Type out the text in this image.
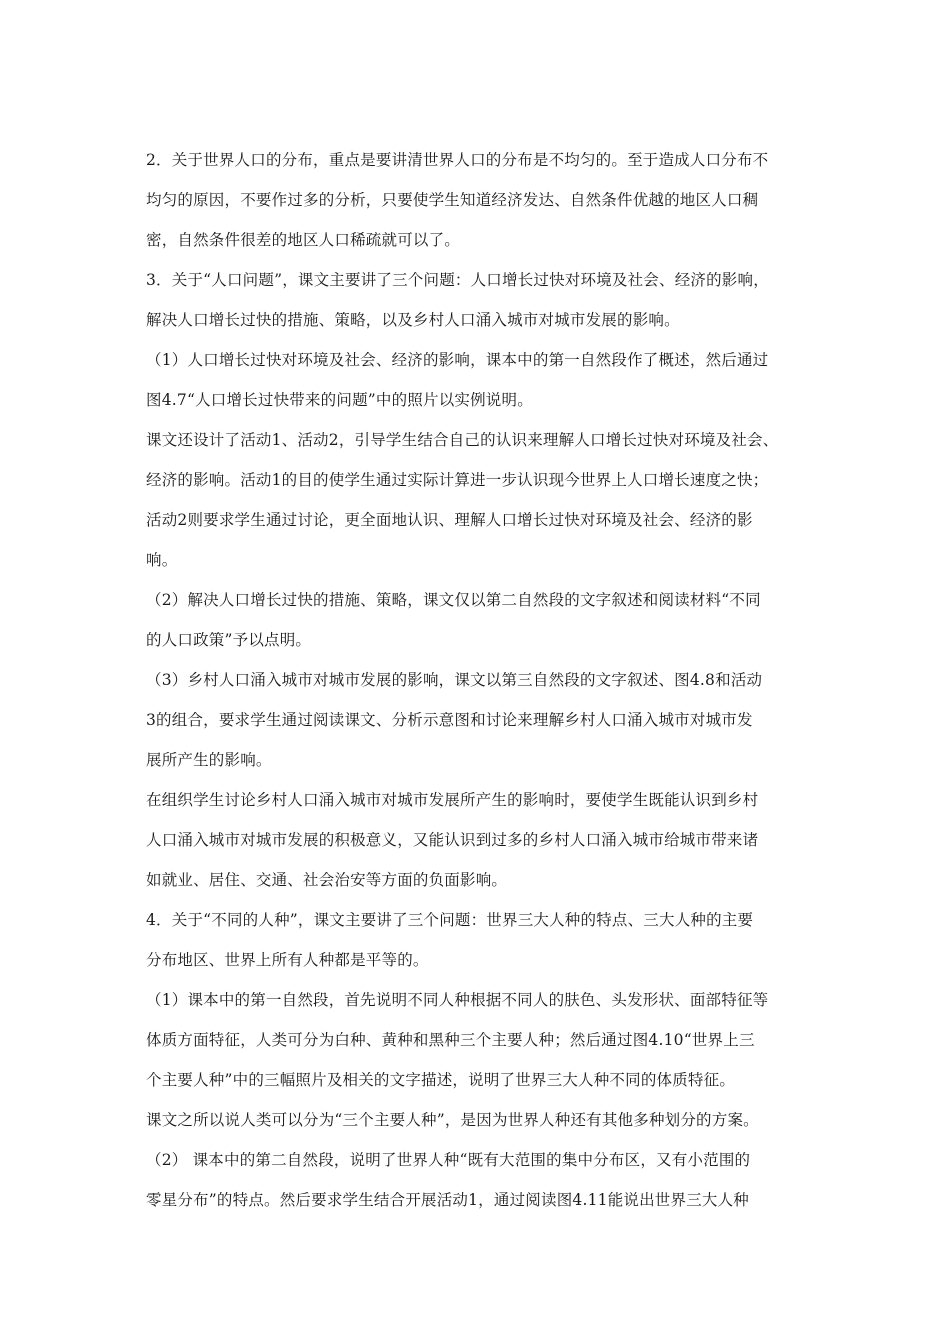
2．关于世界人口的分布，重点是要讲清世界人口的分布是不均匀的。至于造成人口分布不
均匀的原因，不要作过多的分析，只要使学生知道经济发达、自然条件优越的地区人口稠
密，自然条件很差的地区人口稀疏就可以了。
3．关于“人口问题”，课文主要讲了三个问题：人口增长过快对环境及社会、经济的影响，
解决人口增长过快的措施、策略，以及乡村人口涌入城市对城市发展的影响。
（1）人口增长过快对环境及社会、经济的影响，课本中的第一自然段作了概述，然后通过
图4.7“人口增长过快带来的问题”中的照片以实例说明。
课文还设计了活动1、活动2，引导学生结合自己的认识来理解人口增长过快对环境及社会、
经济的影响。活动1的目的使学生通过实际计算进一步认识现今世界上人口增长速度之快；
活动2则要求学生通过讨论，更全面地认识、理解人口增长过快对环境及社会、经济的影
响。
（2）解决人口增长过快的措施、策略，课文仅以第二自然段的文字叙述和阅读材料“不同
的人口政策”予以点明。
（3）乡村人口涌入城市对城市发展的影响，课文以第三自然段的文字叙述、图4.8和活动
3的组合，要求学生通过阅读课文、分析示意图和讨论来理解乡村人口涌入城市对城市发
展所产生的影响。
在组织学生讨论乡村人口涌入城市对城市发展所产生的影响时，要使学生既能认识到乡村
人口涌入城市对城市发展的积极意义，又能认识到过多的乡村人口涌入城市给城市带来诸
如就业、居住、交通、社会治安等方面的负面影响。
4．关于“不同的人种”，课文主要讲了三个问题：世界三大人种的特点、三大人种的主要
分布地区、世界上所有人种都是平等的。
（1）课本中的第一自然段，首先说明不同人种根据不同人的肤色、头发形状、面部特征等
体质方面特征，人类可分为白种、黄种和黑种三个主要人种；然后通过图4.10“世界上三
个主要人种”中的三幅照片及相关的文字描述，说明了世界三大人种不同的体质特征。
课文之所以说人类可以分为“三个主要人种”，是因为世界人种还有其他多种划分的方案。
（2） 课本中的第二自然段，说明了世界人种“既有大范围的集中分布区，又有小范围的
零星分布”的特点。然后要求学生结合开展活动1，通过阅读图4.11能说出世界三大人种
